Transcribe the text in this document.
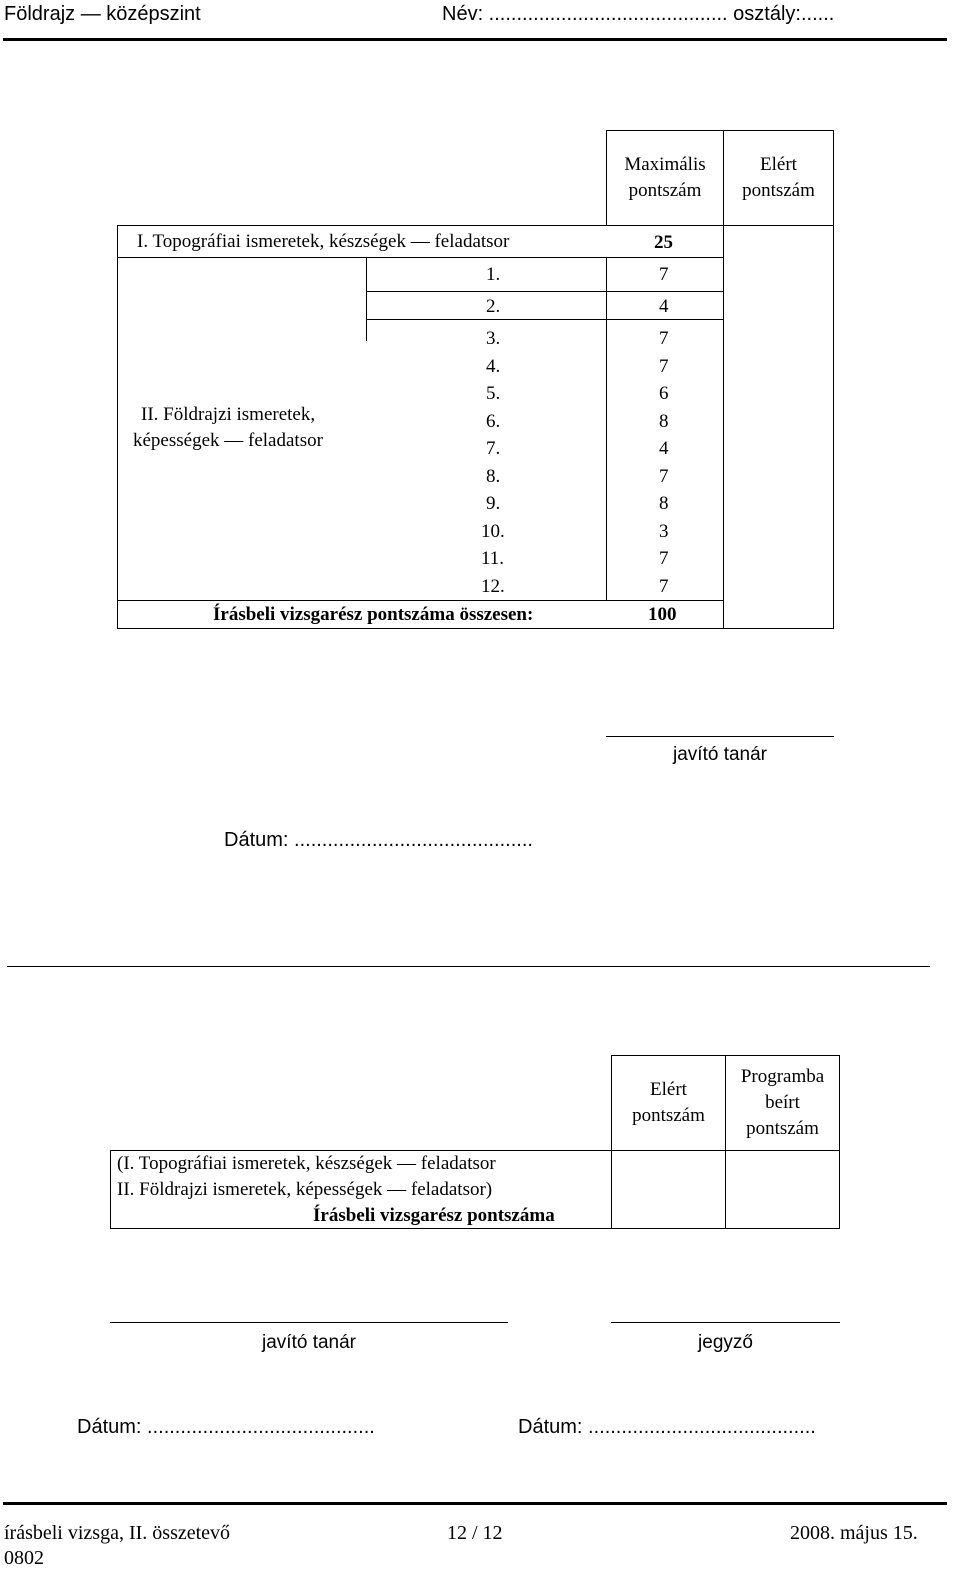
Földrajz — középszint	Név: ........................................... osztály:......
Maximális
pontszám
Elért
pontszám
I. Topográfiai ismeretek, készségek — feladatsor	25
II. Földrajzi ismeretek,
képességek — feladatsor
1.	7
2.	4
3.	7
4.	7
5.	6
6.	8
7.	4
8.	7
9.	8
10.	3
11.	7
12.	7
Írásbeli vizsgarész pontszáma összesen:	100
javító tanár
Dátum: ...........................................
Elért
pontszám
Programba
beírt
pontszám
(I. Topográfiai ismeretek, készségek — feladatsor
II. Földrajzi ismeretek, képességek — feladatsor)
Írásbeli vizsgarész pontszáma
javító tanár	jegyző
Dátum: .........................................	Dátum: .........................................
írásbeli vizsga, II. összetevő	12 / 12	2008. május 15.
0802
